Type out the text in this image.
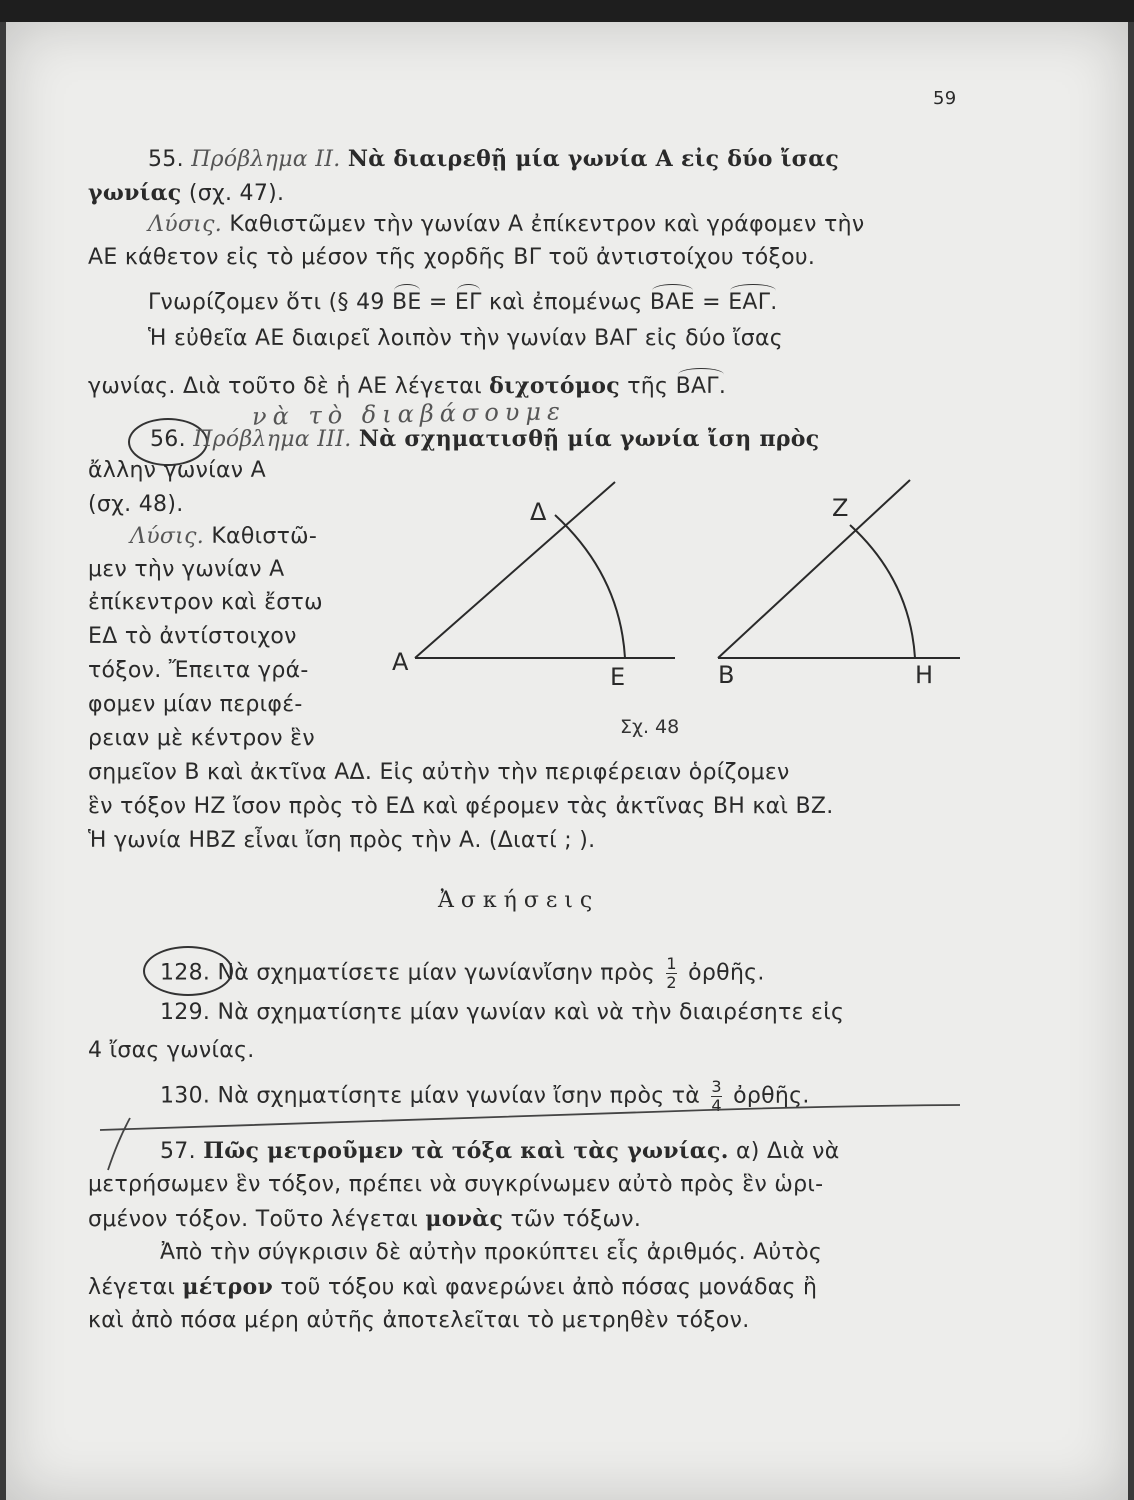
59
55. Πρόβλημα ΙΙ. Νὰ διαιρεθῇ μία γωνία Α εἰς δύο ἴσας
γωνίας (σχ. 47).
Λύσις. Καθιστῶμεν τὴν γωνίαν Α ἐπίκεντρον καὶ γράφομεν τὴν
ΑΕ κάθετον εἰς τὸ μέσον τῆς χορδῆς ΒΓ τοῦ ἀντιστοίχου τόξου.
Γνωρίζομεν ὅτι (§ 49 ΒΕ = ΕΓ καὶ ἐπομένως ΒΑΕ = ΕΑΓ.
Ἡ εὐθεῖα ΑΕ διαιρεῖ λοιπὸν τὴν γωνίαν ΒΑΓ εἰς δύο ἴσας
γωνίας. Διὰ τοῦτο δὲ ἡ ΑΕ λέγεται διχοτόμος τῆς ΒΑΓ.
νὰ τὸ διαβάσουμε
56. Πρόβλημα ΙΙΙ. Νὰ σχηματισθῇ μία γωνία ἴση πρὸς
ἄλλην γωνίαν Α
(σχ. 48).
Λύσις. Καθιστῶ-
μεν τὴν γωνίαν Α
ἐπίκεντρον καὶ ἔστω
ΕΔ τὸ ἀντίστοιχον
τόξον. Ἔπειτα γρά-
φομεν μίαν περιφέ-
ρειαν μὲ κέντρον ἓν
σημεῖον Β καὶ ἀκτῖνα ΑΔ. Εἰς αὐτὴν τὴν περιφέρειαν ὁρίζομεν
ἓν τόξον ΗΖ ἴσον πρὸς τὸ ΕΔ καὶ φέρομεν τὰς ἀκτῖνας ΒΗ καὶ ΒΖ.
Ἡ γωνία ΗΒΖ εἶναι ἴση πρὸς τὴν Α. (Διατί ; ).
Α
Δ
Ε
Ζ
Β	Η
Σχ. 48
Ἀσκήσεις
128. Νὰ σχηματίσετε μίαν γωνίανἴσην πρὸς $\frac{1}{2}$ ὀρθῆς.
129. Νὰ σχηματίσητε μίαν γωνίαν καὶ νὰ τὴν διαιρέσητε εἰς
4 ἴσας γωνίας.
130. Νὰ σχηματίσητε μίαν γωνίαν ἴσην πρὸς τὰ $\frac{3}{4}$ ὀρθῆς.
57. Πῶς μετροῦμεν τὰ τόξα καὶ τὰς γωνίας. α) Διὰ νὰ
μετρήσωμεν ἓν τόξον, πρέπει νὰ συγκρίνωμεν αὐτὸ πρὸς ἓν ὡρι-
σμένον τόξον. Τοῦτο λέγεται μονὰς τῶν τόξων.
Ἀπὸ τὴν σύγκρισιν δὲ αὐτὴν προκύπτει εἷς ἀριθμός. Αὐτὸς
λέγεται μέτρον τοῦ τόξου καὶ φανερώνει ἀπὸ πόσας μονάδας ἢ
καὶ ἀπὸ πόσα μέρη αὐτῆς ἀποτελεῖται τὸ μετρηθὲν τόξον.
